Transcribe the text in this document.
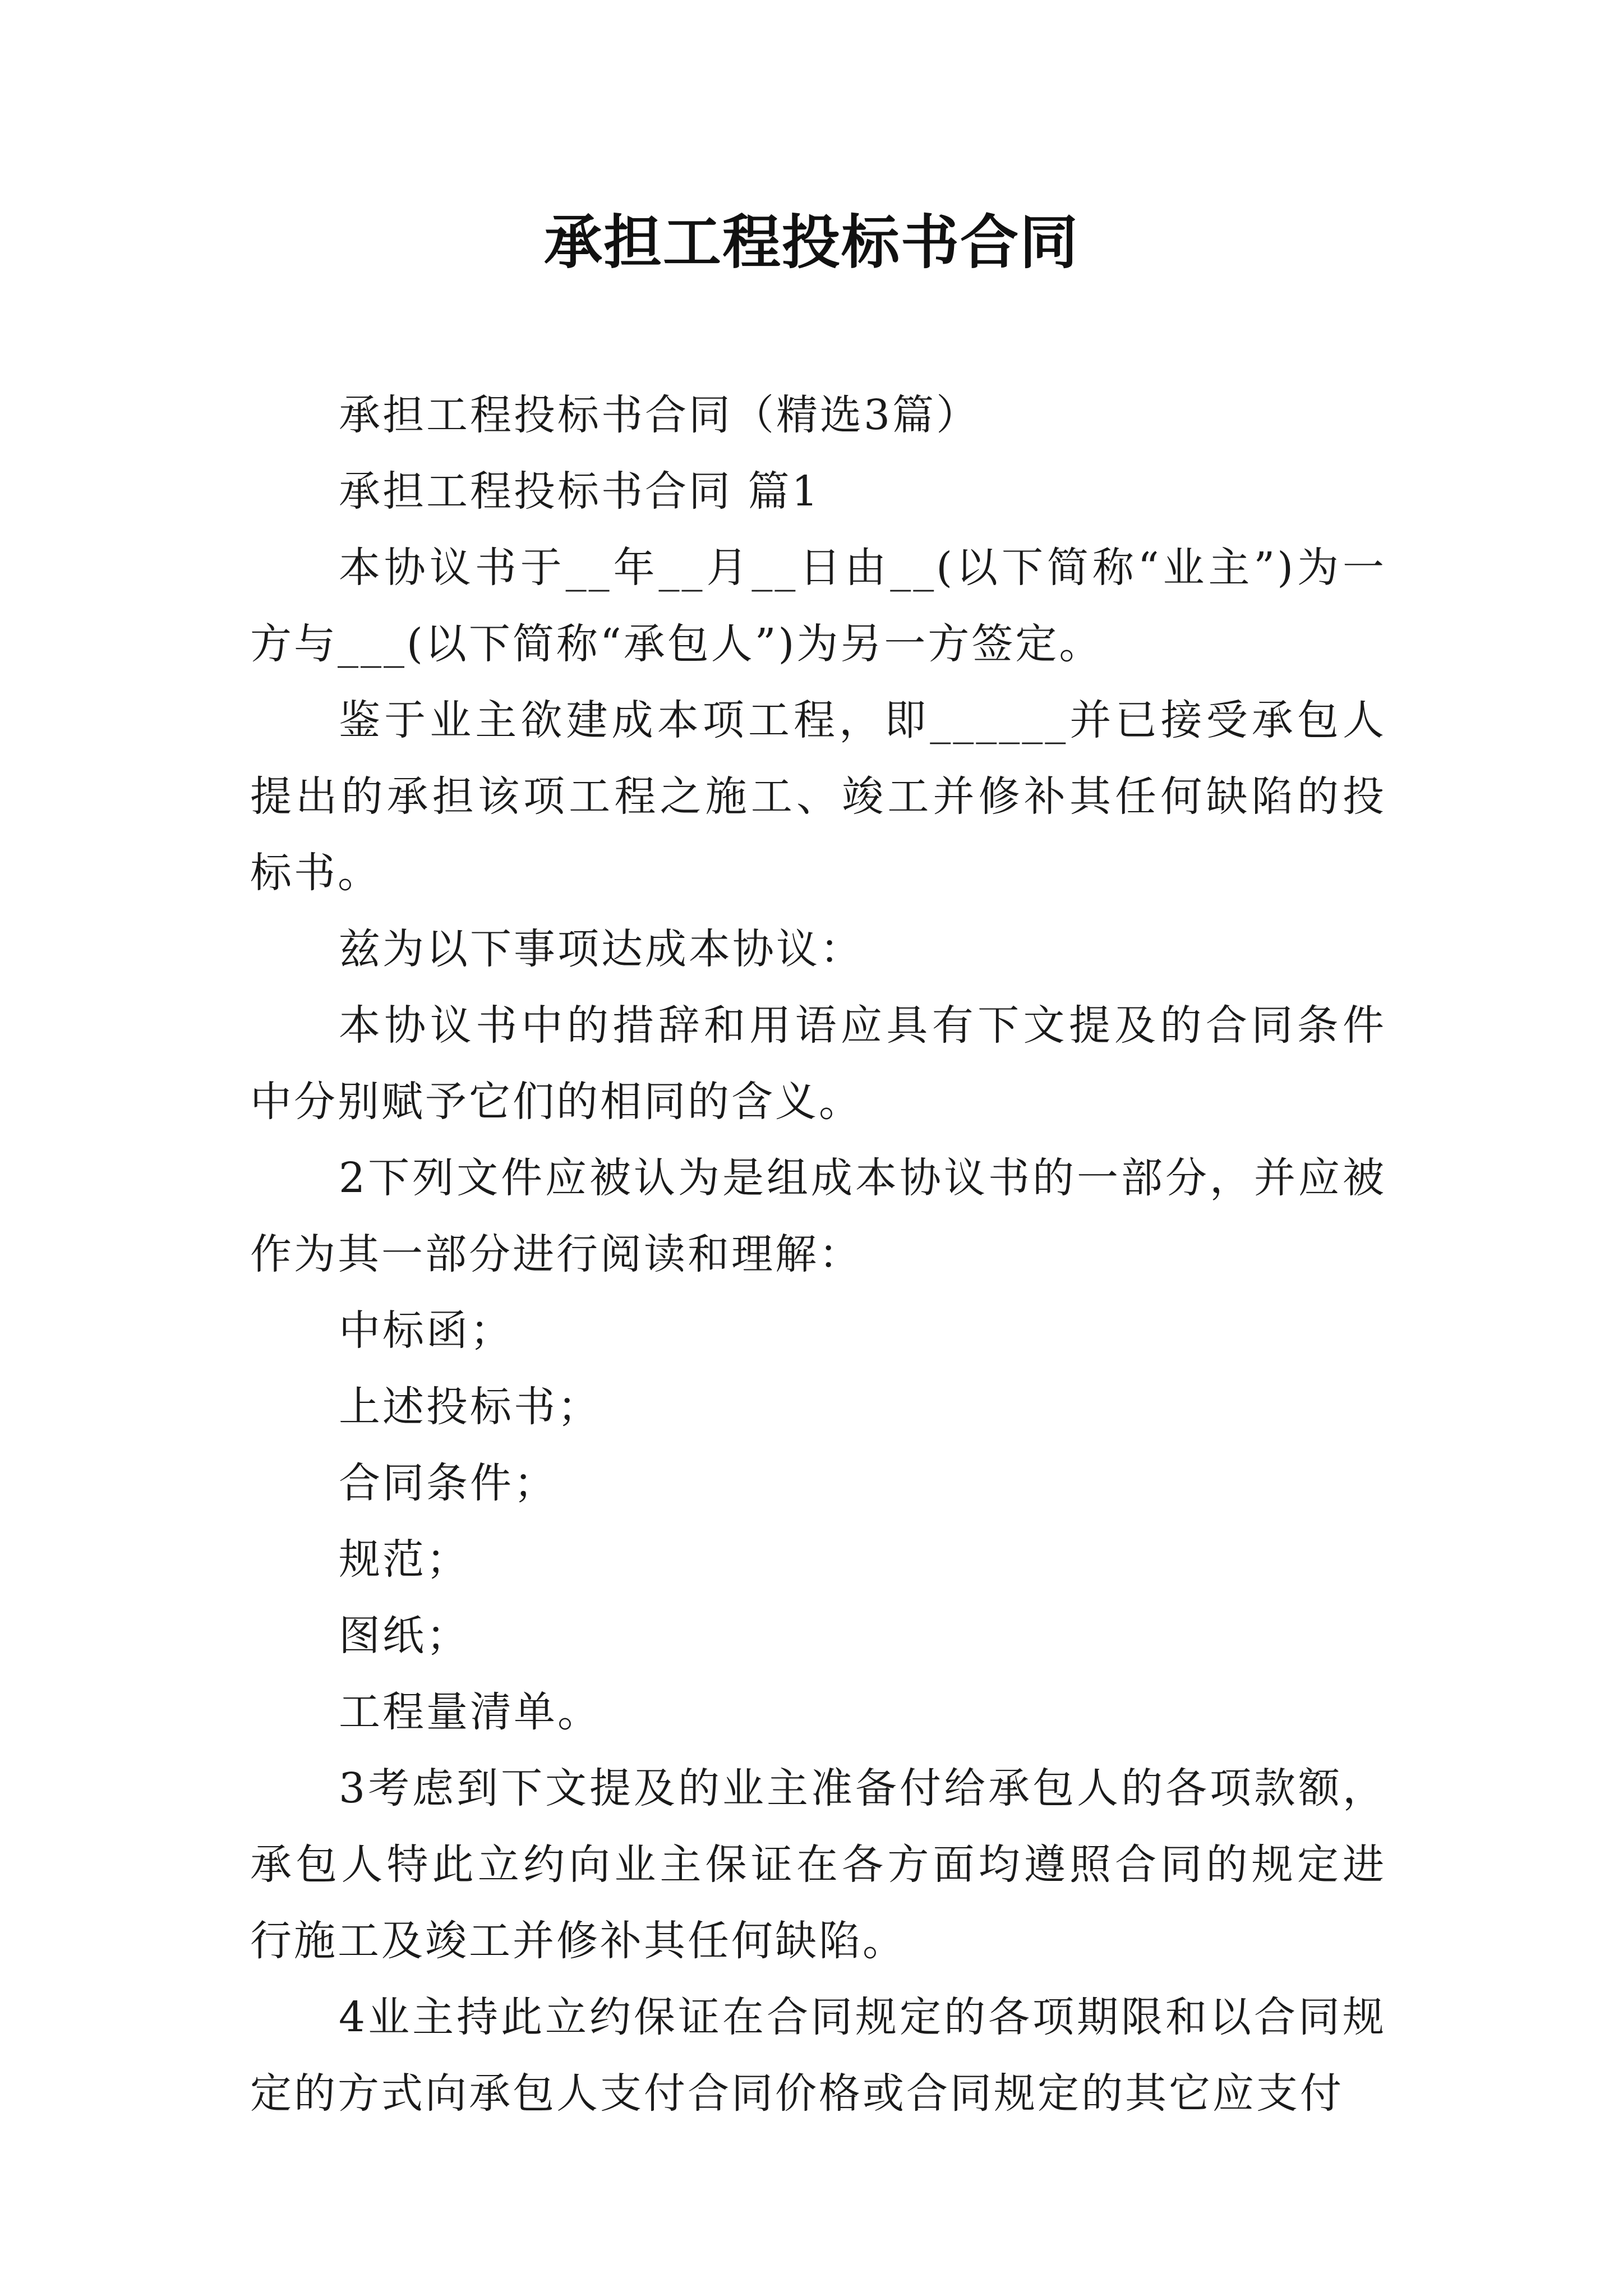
承担工程投标书合同

承担工程投标书合同（精选3篇）

承担工程投标书合同 篇1

本协议书于__年__月__日由__(以下简称“业主”)为一方与___(以下简称“承包人”)为另一方签定。

鉴于业主欲建成本项工程，即______并已接受承包人提出的承担该项工程之施工、竣工并修补其任何缺陷的投标书。

兹为以下事项达成本协议：

本协议书中的措辞和用语应具有下文提及的合同条件中分别赋予它们的相同的含义。

2下列文件应被认为是组成本协议书的一部分，并应被作为其一部分进行阅读和理解：

中标函；

上述投标书；

合同条件；

规范；

图纸；

工程量清单。

3考虑到下文提及的业主准备付给承包人的各项款额，承包人特此立约向业主保证在各方面均遵照合同的规定进行施工及竣工并修补其任何缺陷。

4业主持此立约保证在合同规定的各项期限和以合同规定的方式向承包人支付合同价格或合同规定的其它应支付
